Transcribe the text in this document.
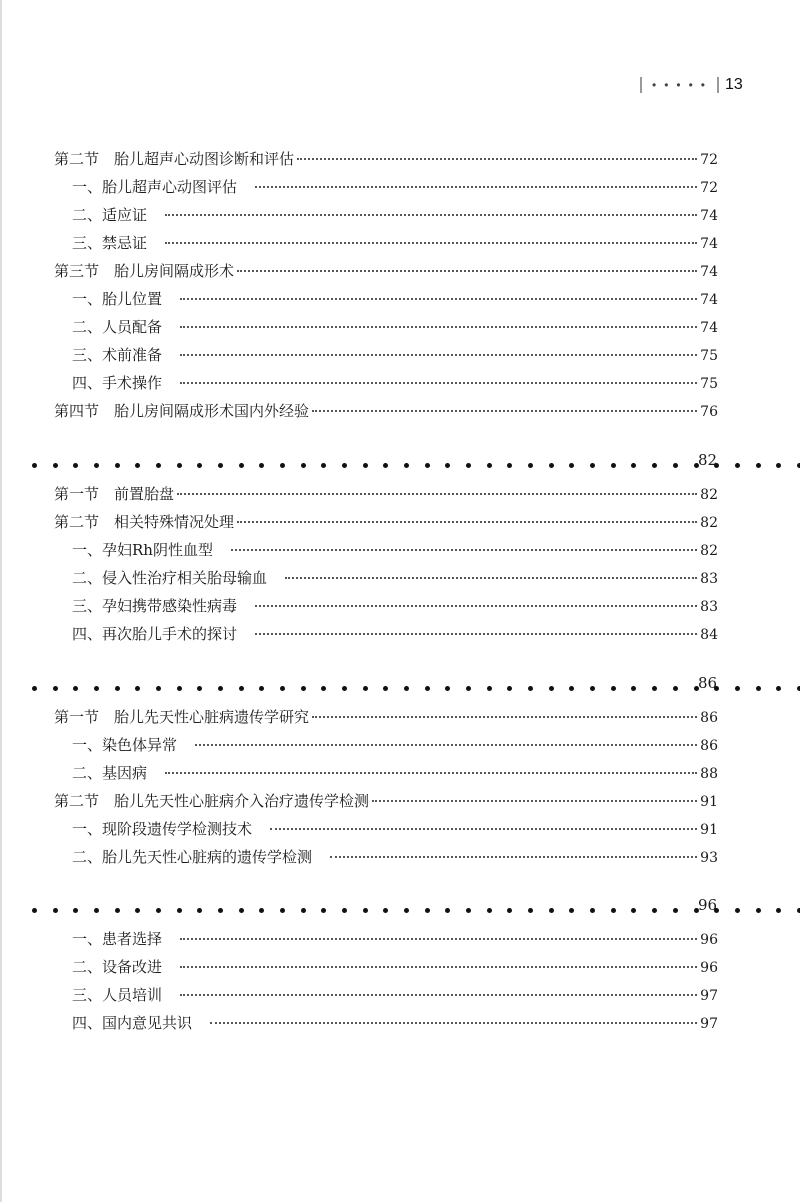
••••• 13
第二节　胎儿超声心动图诊断和评估	72
一、胎儿超声心动图评估	72
二、适应证	74
三、禁忌证	74
第三节　胎儿房间隔成形术	74
一、胎儿位置	74
二、人员配备	74
三、术前准备	75
四、手术操作	75
第四节　胎儿房间隔成形术国内外经验	76
82
第一节　前置胎盘	82
第二节　相关特殊情况处理	82
一、孕妇Rh阴性血型	82
二、侵入性治疗相关胎母输血	83
三、孕妇携带感染性病毒	83
四、再次胎儿手术的探讨	84
86
第一节　胎儿先天性心脏病遗传学研究	86
一、染色体异常	86
二、基因病	88
第二节　胎儿先天性心脏病介入治疗遗传学检测	91
一、现阶段遗传学检测技术	91
二、胎儿先天性心脏病的遗传学检测	93
96
一、患者选择	96
二、设备改进	96
三、人员培训	97
四、国内意见共识	97
